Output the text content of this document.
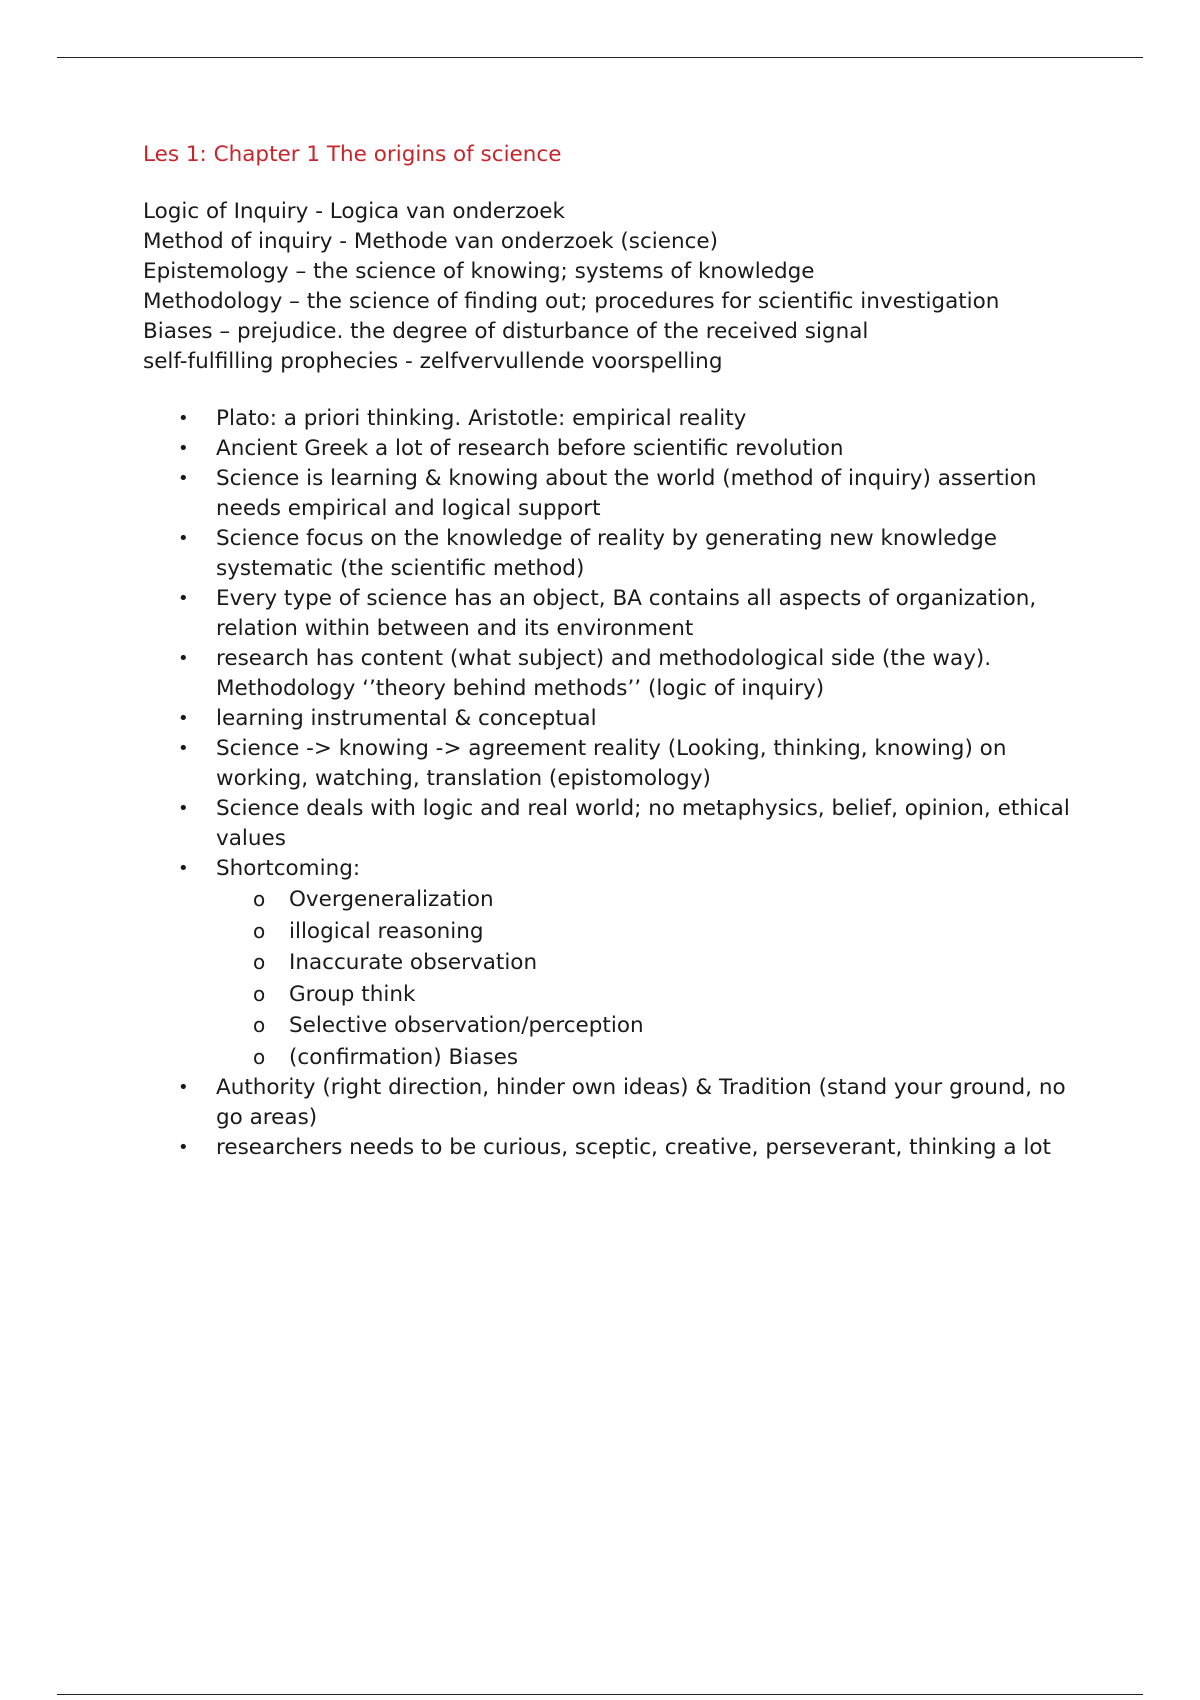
Les 1: Chapter 1 The origins of science
Logic of Inquiry - Logica van onderzoek
Method of inquiry - Methode van onderzoek (science)
Epistemology – the science of knowing; systems of knowledge
Methodology – the science of finding out; procedures for scientific investigation
Biases – prejudice. the degree of disturbance of the received signal
self-fulfilling prophecies - zelfvervullende voorspelling
• Plato: a priori thinking. Aristotle: empirical reality
• Ancient Greek a lot of research before scientific revolution
• Science is learning & knowing about the world (method of inquiry) assertion needs empirical and logical support
• Science focus on the knowledge of reality by generating new knowledge systematic (the scientific method)
• Every type of science has an object, BA contains all aspects of organization, relation within between and its environment
• research has content (what subject) and methodological side (the way). Methodology ‘’theory behind methods’’ (logic of inquiry)
• learning instrumental & conceptual
• Science -> knowing -> agreement reality (Looking, thinking, knowing) on working, watching, translation (epistomology)
• Science deals with logic and real world; no metaphysics, belief, opinion, ethical values
• Shortcoming:
o Overgeneralization
o illogical reasoning
o Inaccurate observation
o Group think
o Selective observation/perception
o (confirmation) Biases
• Authority (right direction, hinder own ideas) & Tradition (stand your ground, no go areas)
• researchers needs to be curious, sceptic, creative, perseverant, thinking a lot
